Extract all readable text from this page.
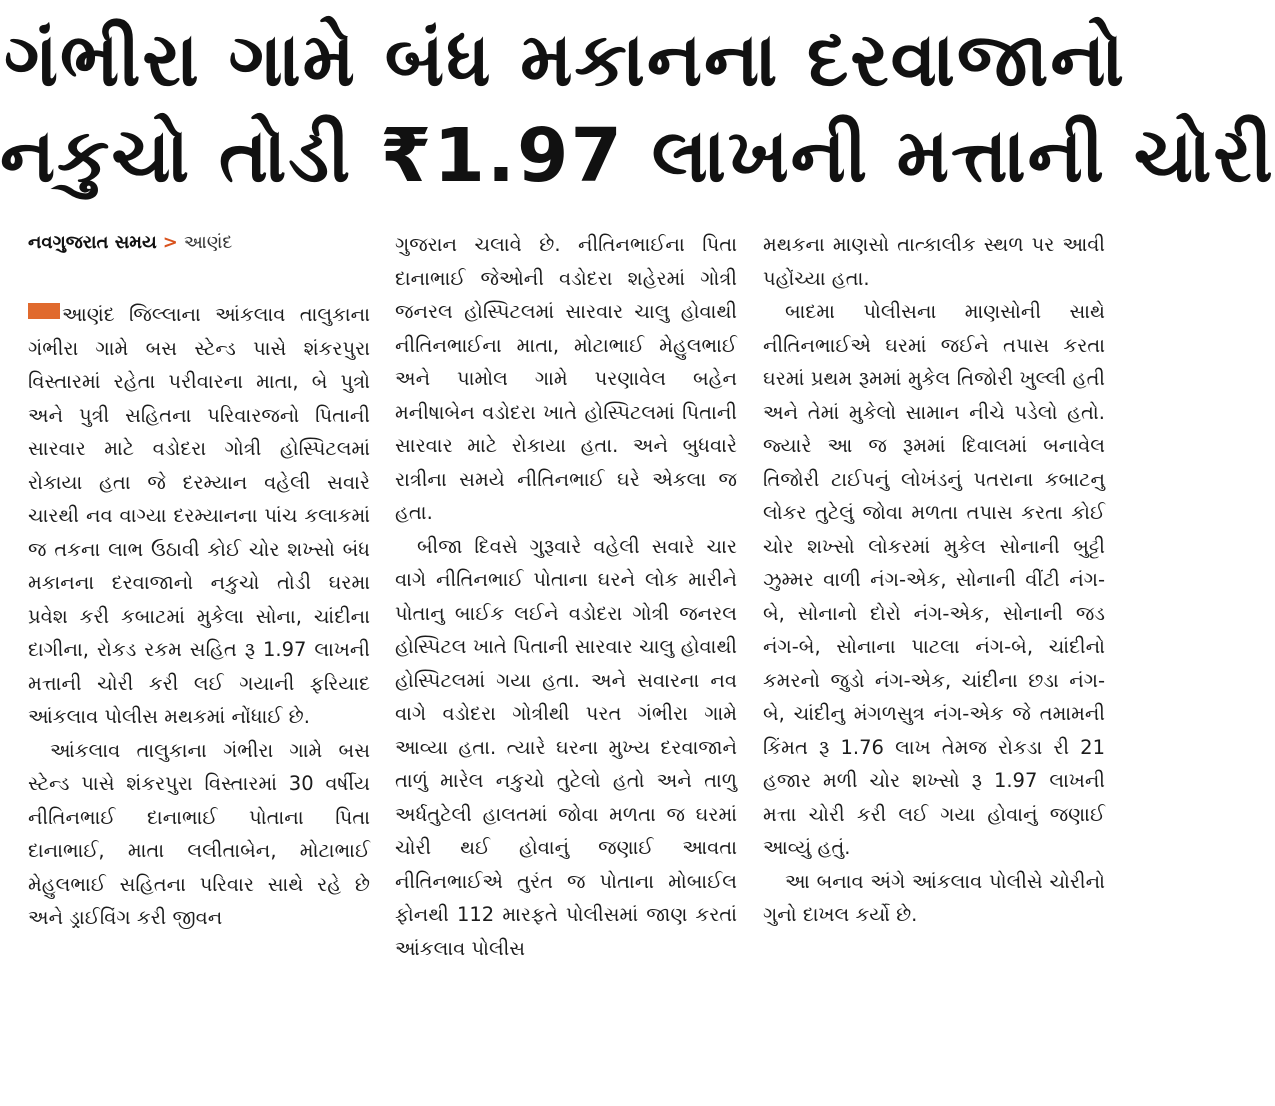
ગંભીરા ગામે બંધ મકાનના દરવાજાનો
નકુચો તોડી ₹1.97 લાખની મત્તાની ચોરી
નવગુજરાત સમય > આણંદ

આણંદ જિલ્લાના આંકલાવ તાલુકાના ગંભીરા ગામે બસ સ્ટેન્ડ પાસે શંકરપુરા વિસ્તારમાં રહેતા પરીવારના માતા, બે પુત્રો અને પુત્રી સહિતના પરિવારજનો પિતાની સારવાર માટે વડોદરા ગોત્રી હોસ્પિટલમાં રોકાયા હતા જે દરમ્યાન વહેલી સવારે ચારથી નવ વાગ્યા દરમ્યાનના પાંચ કલાકમાં જ તકના લાભ ઉઠાવી કોઈ ચોર શખ્સો બંધ મકાનના દરવાજાનો નકુચો તોડી ઘરમા પ્રવેશ કરી કબાટમાં મુકેલા સોના, ચાંદીના દાગીના, રોકડ રકમ સહિત રૂ 1.97 લાખની મત્તાની ચોરી કરી લઈ ગયાની ફરિયાદ આંકલાવ પોલીસ મથકમાં નોંધાઈ છે.

આંકલાવ તાલુકાના ગંભીરા ગામે બસ સ્ટેન્ડ પાસે શંકરપુરા વિસ્તારમાં 30 વર્ષીય નીતિનભાઈ દાનાભાઈ પોતાના પિતા દાનાભાઈ, માતા લલીતાબેન, મોટાભાઈ મેહુલભાઈ સહિતના પરિવાર સાથે રહે છે અને ડ્રાઈવિંગ કરી જીવન

ગુજરાન ચલાવે છે. નીતિનભાઈના પિતા દાનાભાઈ જેઓની વડોદરા શહેરમાં ગોત્રી જનરલ હોસ્પિટલમાં સારવાર ચાલુ હોવાથી નીતિનભાઈના માતા, મોટાભાઈ મેહુલભાઈ અને પામોલ ગામે પરણાવેલ બહેન મનીષાબેન વડોદરા ખાતે હોસ્પિટલમાં પિતાની સારવાર માટે રોકાયા હતા. અને બુધવારે રાત્રીના સમયે નીતિનભાઈ ઘરે એકલા જ હતા.

બીજા દિવસે ગુરૂવારે વહેલી સવારે ચાર વાગે નીતિનભાઈ પોતાના ઘરને લોક મારીને પોતાનુ બાઈક લઈને વડોદરા ગોત્રી જનરલ હોસ્પિટલ ખાતે પિતાની સારવાર ચાલુ હોવાથી હોસ્પિટલમાં ગયા હતા. અને સવારના નવ વાગે વડોદરા ગોત્રીથી પરત ગંભીરા ગામે આવ્યા હતા. ત્યારે ઘરના મુખ્ય દરવાજાને તાળું મારેલ નકુચો તુટેલો હતો અને તાળુ અર્ધતુટેલી હાલતમાં જોવા મળતા જ ઘરમાં ચોરી થઈ હોવાનું જણાઈ આવતા નીતિનભાઈએ તુરંત જ પોતાના મોબાઈલ ફોનથી 112 મારફતે પોલીસમાં જાણ કરતાં આંકલાવ પોલીસ

મથકના માણસો તાત્કાલીક સ્થળ પર આવી પહોંચ્યા હતા.

બાદમા પોલીસના માણસોની સાથે નીતિનભાઈએ ઘરમાં જઈને તપાસ કરતા ઘરમાં પ્રથમ રૂમમાં મુકેલ તિજોરી ખુલ્લી હતી અને તેમાં મુકેલો સામાન નીચે પડેલો હતો. જ્યારે આ જ રૂમમાં દિવાલમાં બનાવેલ તિજોરી ટાઈપનું લોખંડનું પતરાના કબાટનુ લોકર તુટેલું જોવા મળતા તપાસ કરતા કોઈ ચોર શખ્સો લોકરમાં મુકેલ સોનાની બુટ્ટી ઝુમ્મર વાળી નંગ-એક, સોનાની વીંટી નંગ-બે, સોનાનો દોરો નંગ-એક, સોનાની જડ નંગ-બે, સોનાના પાટલા નંગ-બે, ચાંદીનો કમરનો જુડો નંગ-એક, ચાંદીના છડા નંગ-બે, ચાંદીનુ મંગળસુત્ર નંગ-એક જે તમામની કિંમત રૂ 1.76 લાખ તેમજ રોકડા રી 21 હજાર મળી ચોર શખ્સો રૂ 1.97 લાખની મત્તા ચોરી કરી લઈ ગયા હોવાનું જણાઈ આવ્યું હતું.

આ બનાવ અંગે આંકલાવ પોલીસે ચોરીનો ગુનો દાખલ કર્યો છે.
